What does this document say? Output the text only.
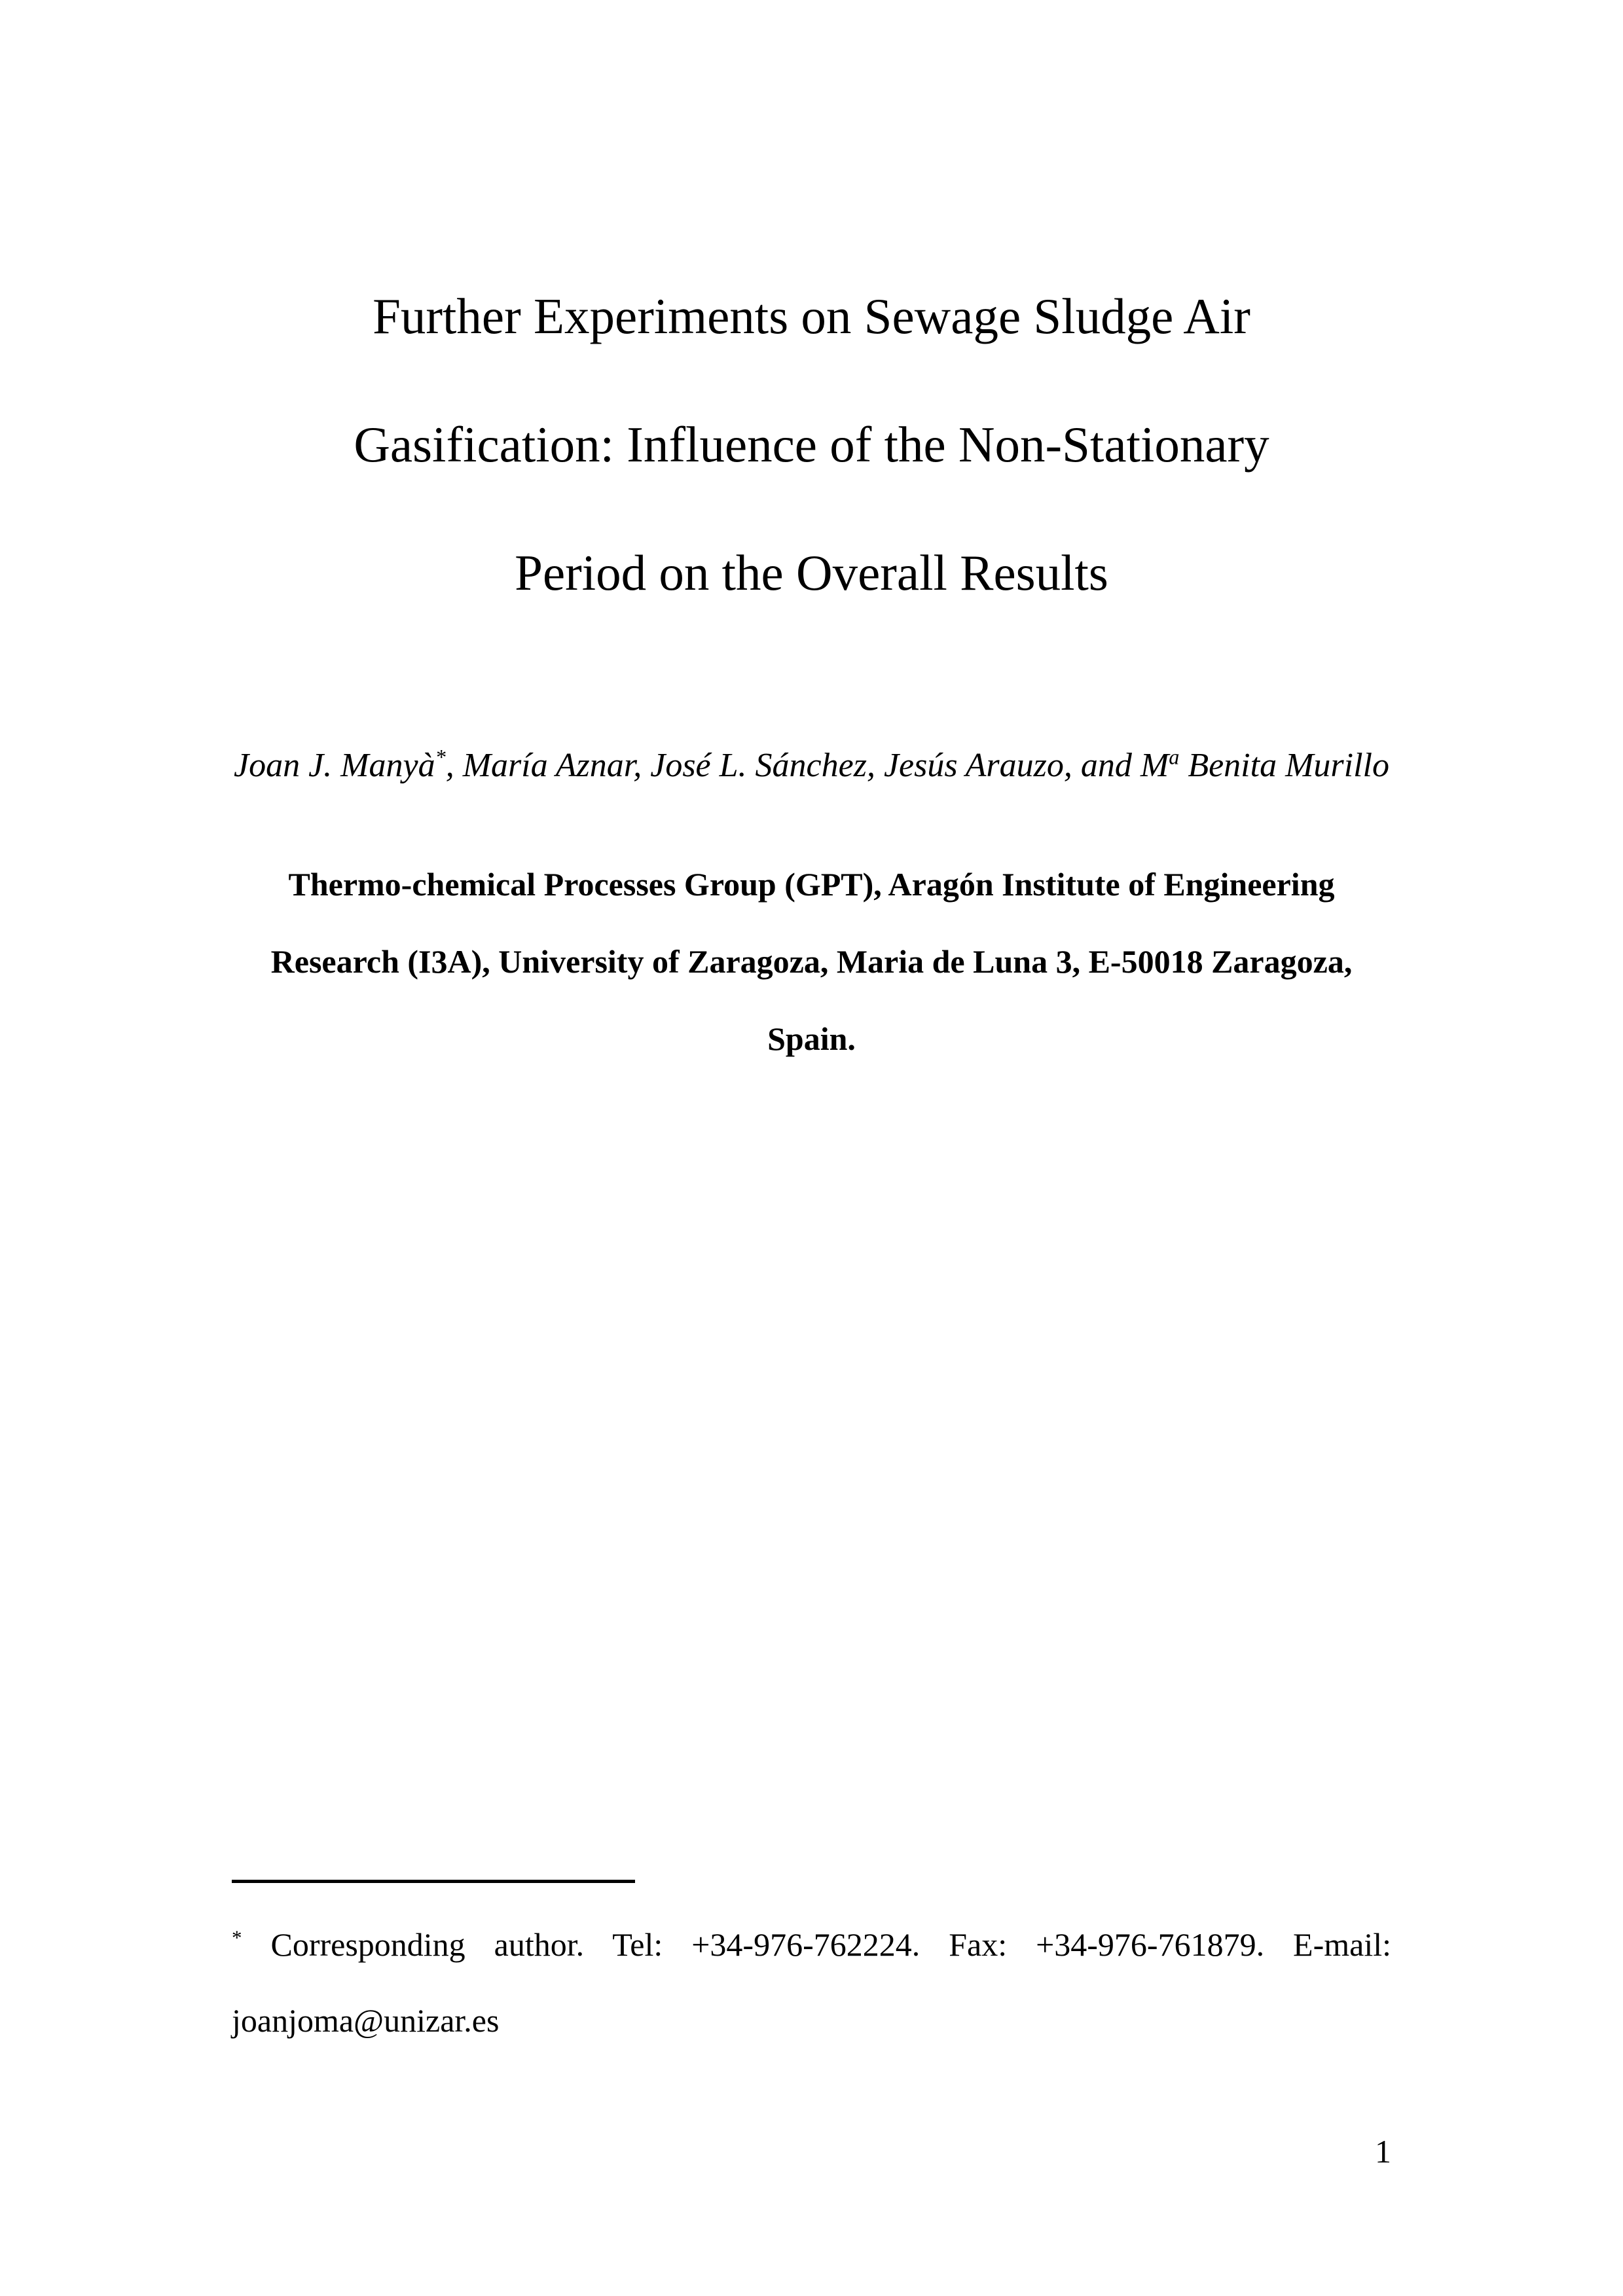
Further Experiments on Sewage Sludge Air
Gasification: Influence of the Non-Stationary
Period on the Overall Results
Joan J. Manyà*, María Aznar, José L. Sánchez, Jesús Arauzo, and $M^a$ Benita Murillo
Thermo-chemical Processes Group (GPT), Aragón Institute of Engineering
Research (I3A), University of Zaragoza, Maria de Luna 3, E-50018 Zaragoza,
Spain.

* Corresponding author. Tel: +34-976-762224. Fax: +34-976-761879. E-mail: joanjoma@unizar.es

1
